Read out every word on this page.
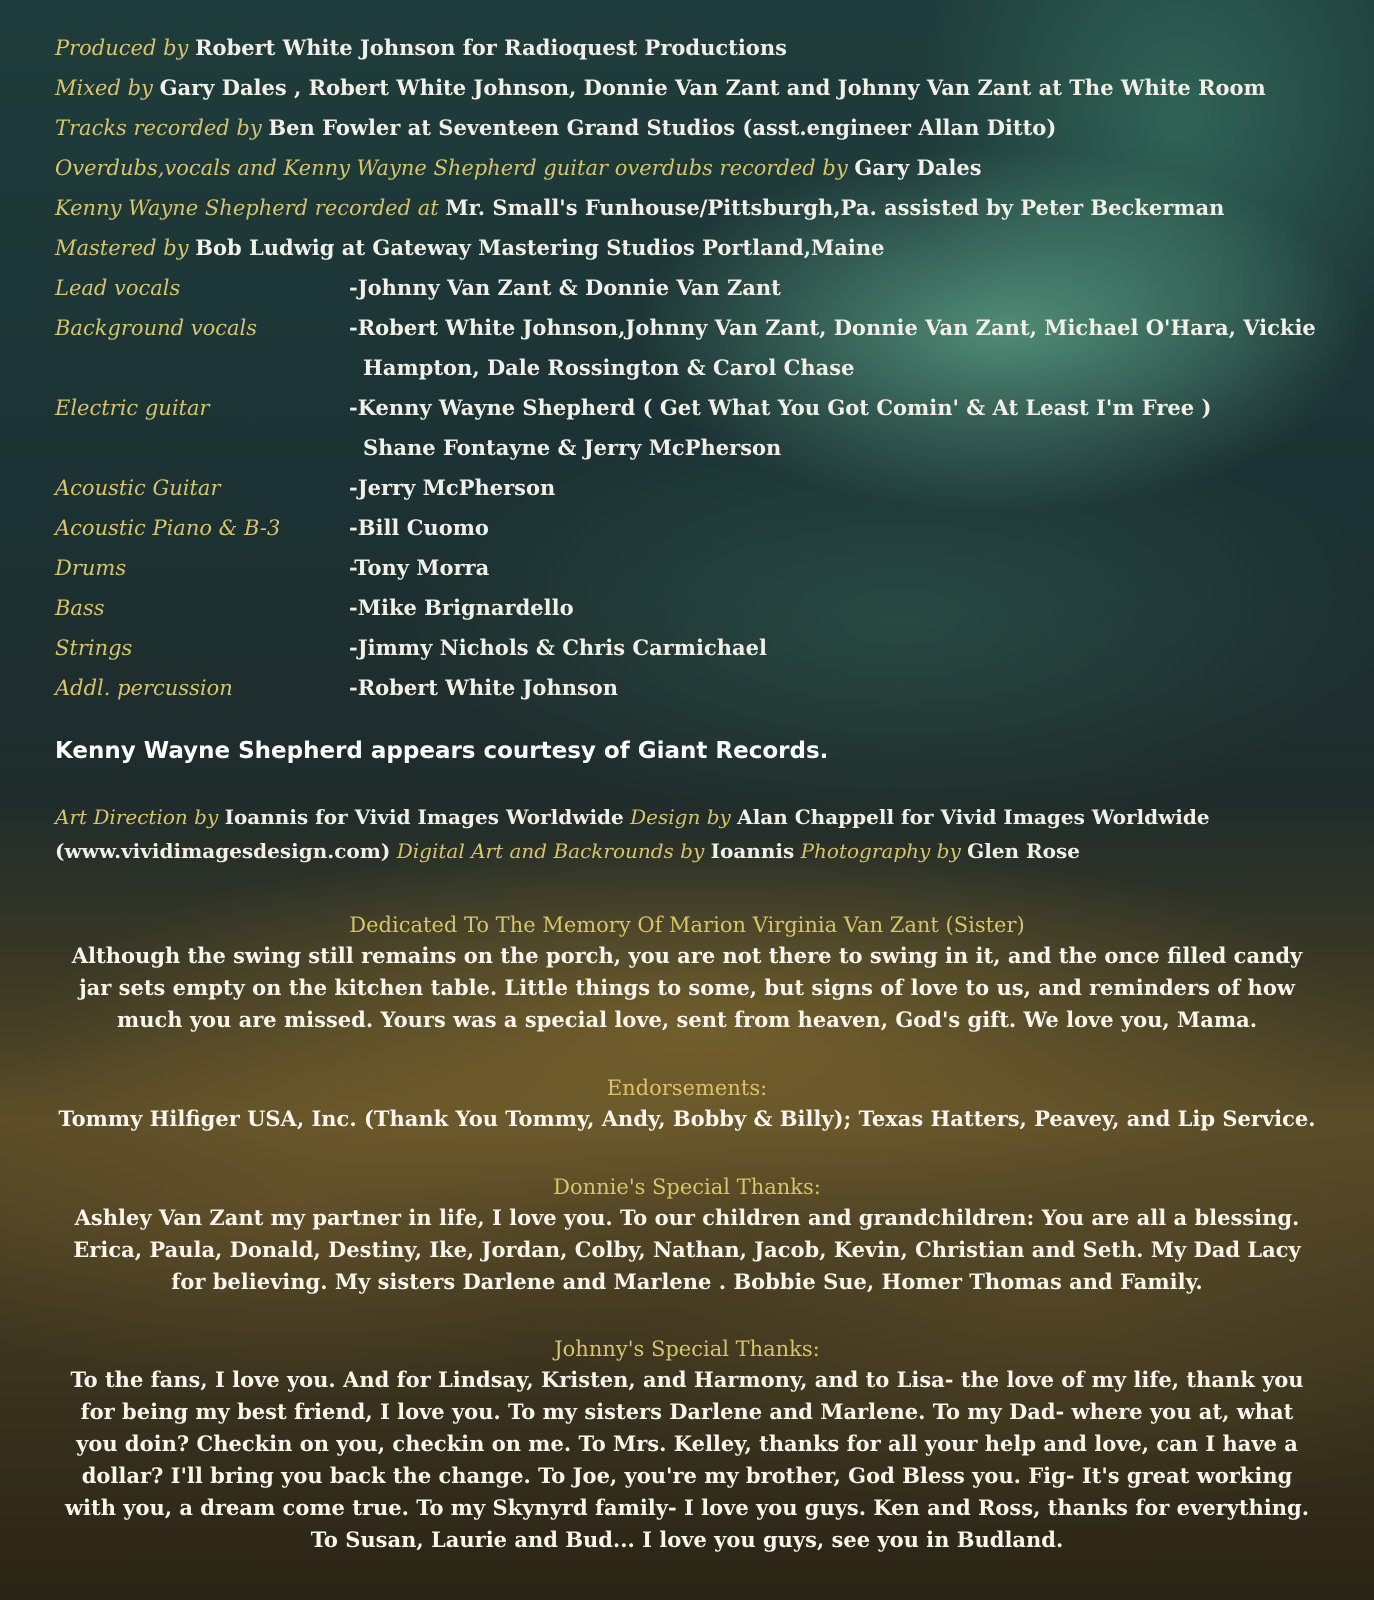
Produced by Robert White Johnson for Radioquest Productions
Mixed by Gary Dales , Robert White Johnson, Donnie Van Zant and Johnny Van Zant at The White Room
Tracks recorded by Ben Fowler at Seventeen Grand Studios (asst.engineer Allan Ditto)
Overdubs,vocals and Kenny Wayne Shepherd guitar overdubs recorded by Gary Dales
Kenny Wayne Shepherd recorded at Mr. Small's Funhouse/Pittsburgh,Pa. assisted by Peter Beckerman
Mastered by Bob Ludwig at Gateway Mastering Studios Portland,Maine
Lead vocals	-Johnny Van Zant & Donnie Van Zant
Background vocals	-Robert White Johnson,Johnny Van Zant, Donnie Van Zant, Michael O'Hara, Vickie
Hampton, Dale Rossington & Carol Chase
Electric guitar	-Kenny Wayne Shepherd ( Get What You Got Comin' & At Least I'm Free )
Shane Fontayne & Jerry McPherson
Acoustic Guitar	-Jerry McPherson
Acoustic Piano & B-3	-Bill Cuomo
Drums	-Tony Morra
Bass	-Mike Brignardello
Strings	-Jimmy Nichols & Chris Carmichael
Addl. percussion	-Robert White Johnson
Kenny Wayne Shepherd appears courtesy of Giant Records.
Art Direction by Ioannis for Vivid Images Worldwide Design by Alan Chappell for Vivid Images Worldwide
(www.vividimagesdesign.com) Digital Art and Backrounds by Ioannis Photography by Glen Rose
Dedicated To The Memory Of Marion Virginia Van Zant (Sister)
Although the swing still remains on the porch, you are not there to swing in it, and the once filled candy
jar sets empty on the kitchen table. Little things to some, but signs of love to us, and reminders of how
much you are missed. Yours was a special love, sent from heaven, God's gift. We love you, Mama.
Endorsements:
Tommy Hilfiger USA, Inc. (Thank You Tommy, Andy, Bobby & Billy); Texas Hatters, Peavey, and Lip Service.
Donnie's Special Thanks:
Ashley Van Zant my partner in life, I love you. To our children and grandchildren: You are all a blessing.
Erica, Paula, Donald, Destiny, Ike, Jordan, Colby, Nathan, Jacob, Kevin, Christian and Seth. My Dad Lacy
for believing. My sisters Darlene and Marlene . Bobbie Sue, Homer Thomas and Family.
Johnny's Special Thanks:
To the fans, I love you. And for Lindsay, Kristen, and Harmony, and to Lisa- the love of my life, thank you
for being my best friend, I love you. To my sisters Darlene and Marlene. To my Dad- where you at, what
you doin? Checkin on you, checkin on me. To Mrs. Kelley, thanks for all your help and love, can I have a
dollar? I'll bring you back the change. To Joe, you're my brother, God Bless you. Fig- It's great working
with you, a dream come true. To my Skynyrd family- I love you guys. Ken and Ross, thanks for everything.
To Susan, Laurie and Bud... I love you guys, see you in Budland.
